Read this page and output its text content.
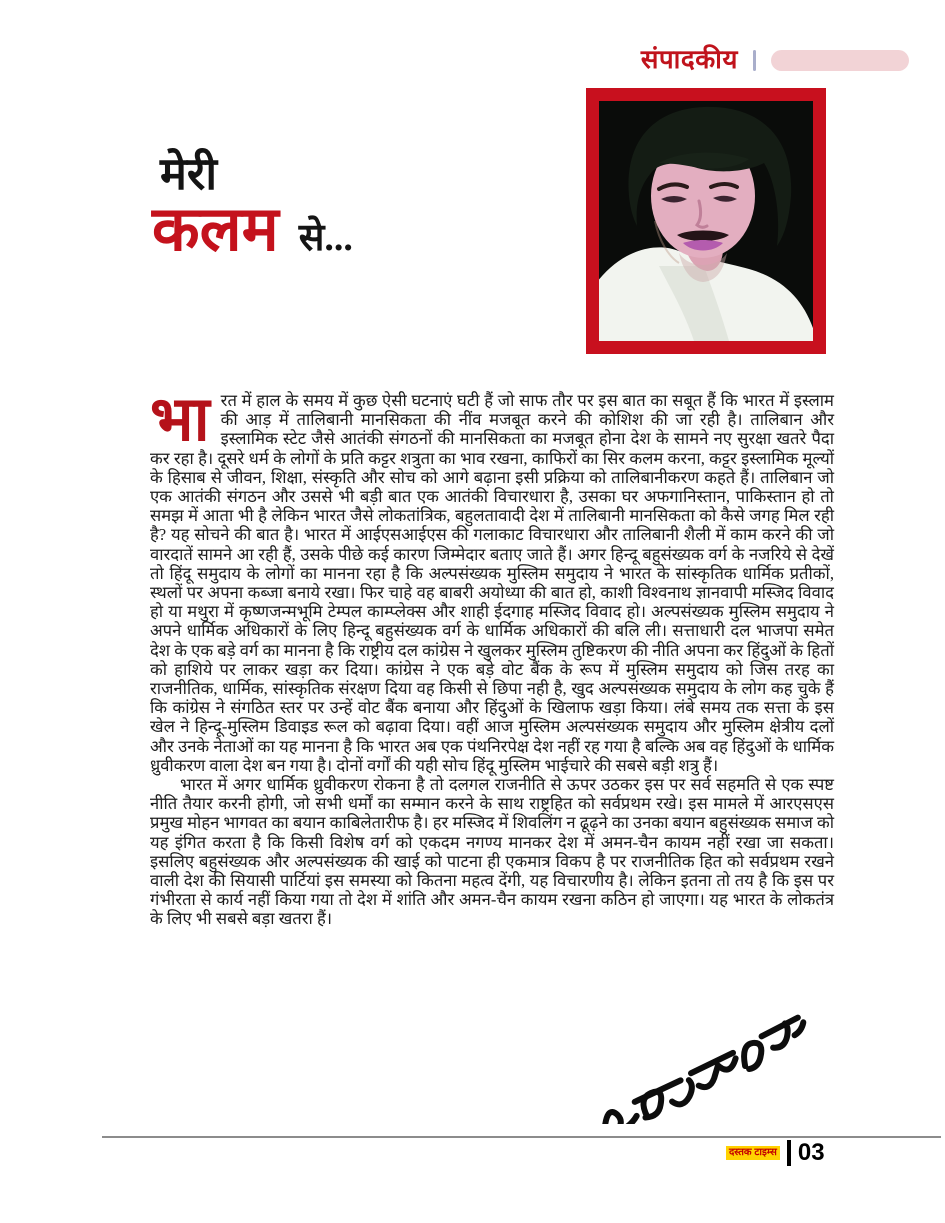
संपादकीय
मेरी
कलम से...

भारत में हाल के समय में कुछ ऐसी घटनाएं घटी हैं जो साफ तौर पर इस बात का सबूत हैं कि भारत में इस्लाम की आड़ में तालिबानी मानसिकता की नींव मजबूत करने की कोशिश की जा रही है। तालिबान और इस्लामिक स्टेट जैसे आतंकी संगठनों की मानसिकता का मजबूत होना देश के सामने नए सुरक्षा खतरे पैदा कर रहा है। दूसरे धर्म के लोगों के प्रति कट्टर शत्रुता का भाव रखना, काफिरों का सिर कलम करना, कट्टर इस्लामिक मूल्यों के हिसाब से जीवन, शिक्षा, संस्कृति और सोच को आगे बढ़ाना इसी प्रक्रिया को तालिबानीकरण कहते हैं। तालिबान जो एक आतंकी संगठन और उससे भी बड़ी बात एक आतंकी विचारधारा है, उसका घर अफगानिस्तान, पाकिस्तान हो तो समझ में आता भी है लेकिन भारत जैसे लोकतांत्रिक, बहुलतावादी देश में तालिबानी मानसिकता को कैसे जगह मिल रही है? यह सोचने की बात है। भारत में आईएसआईएस की गलाकाट विचारधारा और तालिबानी शैली में काम करने की जो वारदातें सामने आ रही हैं, उसके पीछे कई कारण जिम्मेदार बताए जाते हैं। अगर हिन्दू बहुसंख्यक वर्ग के नजरिये से देखें तो हिंदू समुदाय के लोगों का मानना रहा है कि अल्पसंख्यक मुस्लिम समुदाय ने भारत के सांस्कृतिक धार्मिक प्रतीकों, स्थलों पर अपना कब्जा बनाये रखा। फिर चाहे वह बाबरी अयोध्या की बात हो, काशी विश्वनाथ ज्ञानवापी मस्जिद विवाद हो या मथुरा में कृष्णजन्मभूमि टेम्पल काम्प्लेक्स और शाही ईदगाह मस्जिद विवाद हो। अल्पसंख्यक मुस्लिम समुदाय ने अपने धार्मिक अधिकारों के लिए हिन्दू बहुसंख्यक वर्ग के धार्मिक अधिकारों की बलि ली। सत्ताधारी दल भाजपा समेत देश के एक बड़े वर्ग का मानना है कि राष्ट्रीय दल कांग्रेस ने खुलकर मुस्लिम तुष्टिकरण की नीति अपना कर हिंदुओं के हितों को हाशिये पर लाकर खड़ा कर दिया। कांग्रेस ने एक बड़े वोट बैंक के रूप में मुस्लिम समुदाय को जिस तरह का राजनीतिक, धार्मिक, सांस्कृतिक संरक्षण दिया वह किसी से छिपा नही है, खुद अल्पसंख्यक समुदाय के लोग कह चुके हैं कि कांग्रेस ने संगठित स्तर पर उन्हें वोट बैंक बनाया और हिंदुओं के खिलाफ खड़ा किया। लंबे समय तक सत्ता के इस खेल ने हिन्दू-मुस्लिम डिवाइड रूल को बढ़ावा दिया। वहीं आज मुस्लिम अल्पसंख्यक समुदाय और मुस्लिम क्षेत्रीय दलों और उनके नेताओं का यह मानना है कि भारत अब एक पंथनिरपेक्ष देश नहीं रह गया है बल्कि अब वह हिंदुओं के धार्मिक ध्रुवीकरण वाला देश बन गया है। दोनों वर्गों की यही सोच हिंदू मुस्लिम भाईचारे की सबसे बड़ी शत्रु हैं।

भारत में अगर धार्मिक ध्रुवीकरण रोकना है तो दलगल राजनीति से ऊपर उठकर इस पर सर्व सहमति से एक स्पष्ट नीति तैयार करनी होगी, जो सभी धर्मों का सम्मान करने के साथ राष्ट्रहित को सर्वप्रथम रखे। इस मामले में आरएसएस प्रमुख मोहन भागवत का बयान काबिलेतारीफ है। हर मस्जिद में शिवलिंग न ढूढ़ने का उनका बयान बहुसंख्यक समाज को यह इंगित करता है कि किसी विशेष वर्ग को एकदम नगण्य मानकर देश में अमन-चैन कायम नहीं रखा जा सकता। इसलिए बहुसंख्यक और अल्पसंख्यक की खाई को पाटना ही एकमात्र विकप है पर राजनीतिक हित को सर्वप्रथम रखने वाली देश की सियासी पार्टियां इस समस्या को कितना महत्व देंगी, यह विचारणीय है। लेकिन इतना तो तय है कि इस पर गंभीरता से कार्य नहीं किया गया तो देश में शांति और अमन-चैन कायम रखना कठिन हो जाएगा। यह भारत के लोकतंत्र के लिए भी सबसे बड़ा खतरा हैं।

दस्तक टाइम्स 03
